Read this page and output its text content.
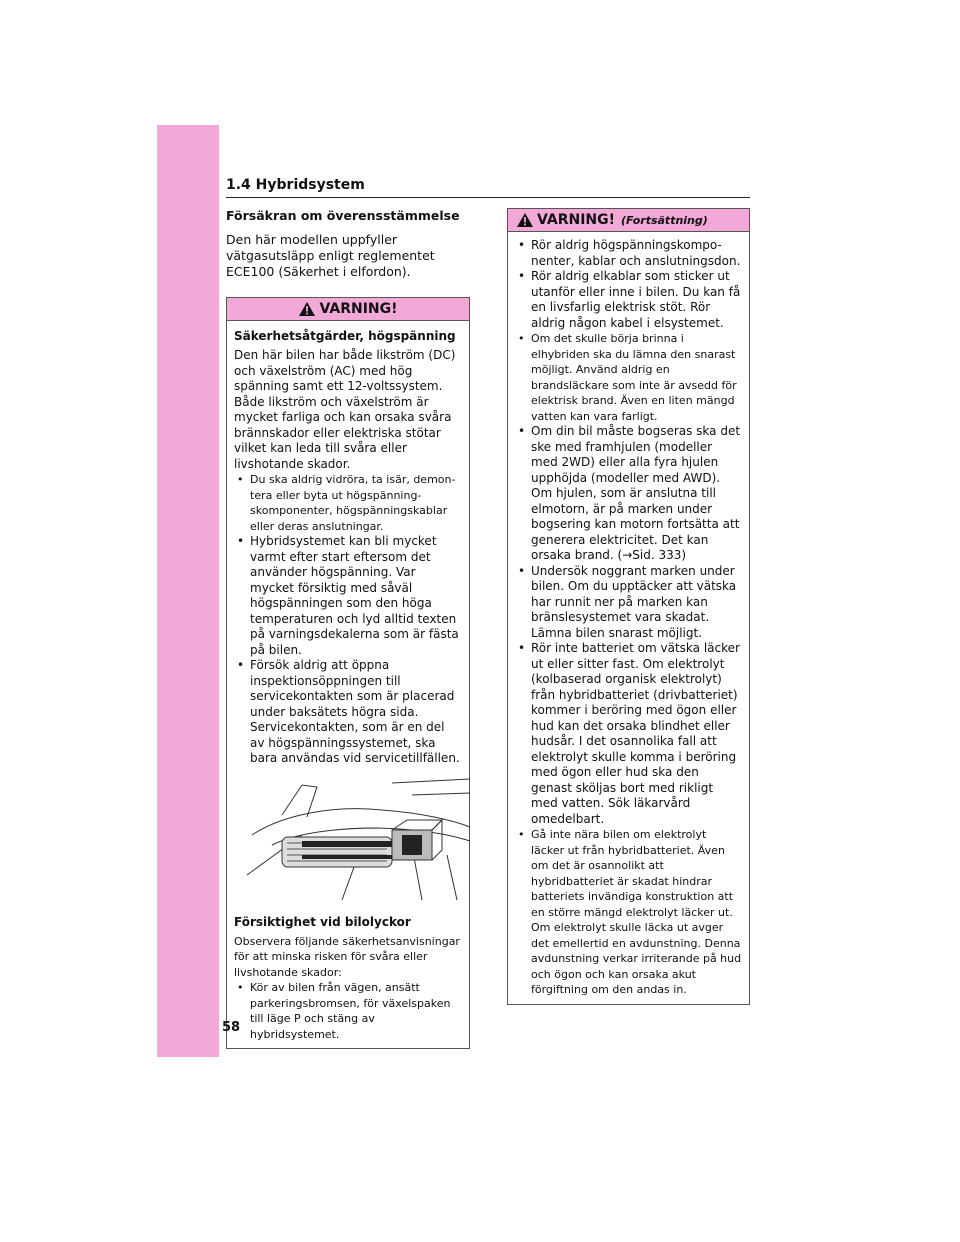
1.4 Hybridsystem
Försäkran om överensstämmelse

Den här modellen uppfyller vätgasutsläpp enligt reglementet ECE100 (Säkerhet i elfordon).

VARNING!
Säkerhetsåtgärder, högspänning

Den här bilen har både likström (DC) och växelström (AC) med hög spänning samt ett 12-voltssystem. Både likström och växelström är mycket farliga och kan orsaka svåra brännskador eller elektriska stötar vilket kan leda till svåra eller livshotande skador.

• Du ska aldrig vidröra, ta isär, demon- tera eller byta ut högspänning- skomponenter, högspänningskablar eller deras anslutningar.
• Hybridsystemet kan bli mycket varmt efter start eftersom det använder högspänning. Var mycket försiktig med såväl högspänningen som den höga temperaturen och lyd alltid texten på varningsdekalerna som är fästa på bilen.
• Försök aldrig att öppna inspektionsöppningen till servicekontakten som är placerad under baksätets högra sida. Servicekontakten, som är en del av högspänningssystemet, ska bara användas vid servicetillfällen.
Försiktighet vid bilolyckor

Observera följande säkerhetsanvisningar för att minska risken för svåra eller livshotande skador:

• Kör av bilen från vägen, ansätt parkeringsbromsen, för växelspaken till läge P och stäng av hybridsystemet.
VARNING! (Fortsättning)
• Rör aldrig högspänningskompo- nenter, kablar och anslutningsdon.
• Rör aldrig elkablar som sticker ut utanför eller inne i bilen. Du kan få en livsfarlig elektrisk stöt. Rör aldrig någon kabel i elsystemet.
• Om det skulle börja brinna i elhybriden ska du lämna den snarast möjligt. Använd aldrig en brandsläckare som inte är avsedd för elektrisk brand. Även en liten mängd vatten kan vara farligt.
• Om din bil måste bogseras ska det ske med framhjulen (modeller med 2WD) eller alla fyra hjulen upphöjda (modeller med AWD). Om hjulen, som är anslutna till elmotorn, är på marken under bogsering kan motorn fortsätta att generera elektricitet. Det kan orsaka brand. (→Sid. 333)
• Undersök noggrant marken under bilen. Om du upptäcker att vätska har runnit ner på marken kan bränslesystemet vara skadat. Lämna bilen snarast möjligt.
• Rör inte batteriet om vätska läcker ut eller sitter fast. Om elektrolyt (kolbaserad organisk elektrolyt) från hybridbatteriet (drivbatteriet) kommer i beröring med ögon eller hud kan det orsaka blindhet eller hudsår. I det osannolika fall att elektrolyt skulle komma i beröring med ögon eller hud ska den genast sköljas bort med rikligt med vatten. Sök läkarvård omedelbart.
• Gå inte nära bilen om elektrolyt läcker ut från hybridbatteriet. Även om det är osannolikt att hybridbatteriet är skadat hindrar batteriets invändiga konstruktion att en större mängd elektrolyt läcker ut. Om elektrolyt skulle läcka ut avger det emellertid en avdunstning. Denna avdunstning verkar irriterande på hud och ögon och kan orsaka akut förgiftning om den andas in.
58
